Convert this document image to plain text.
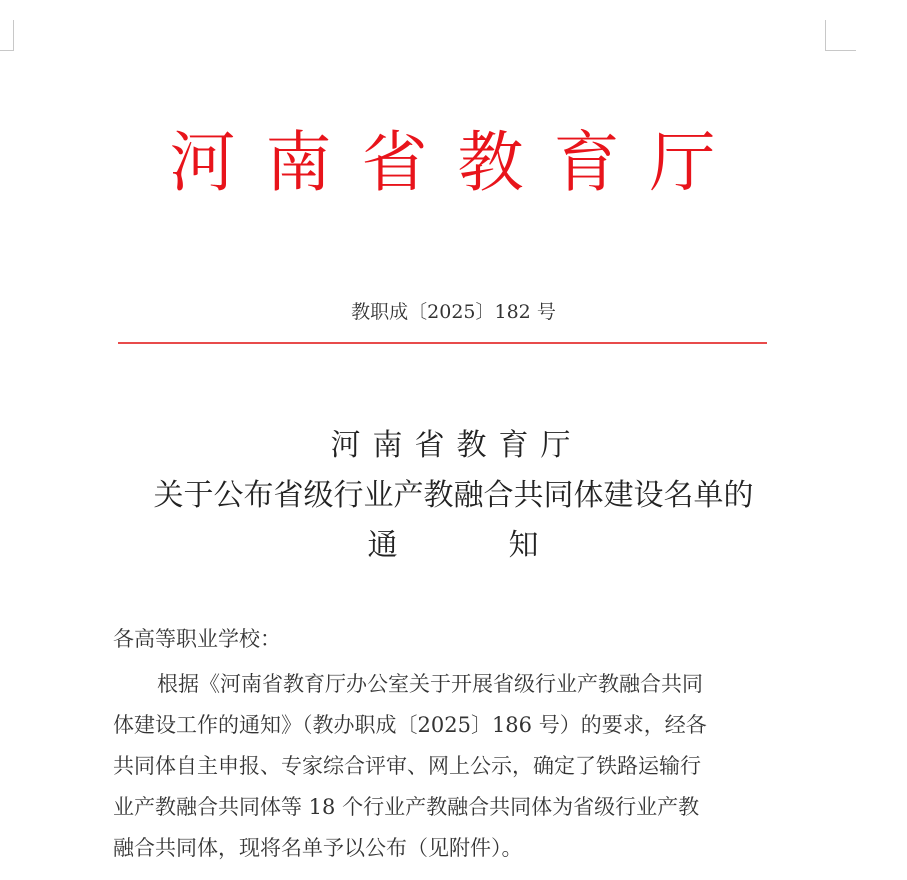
河南省教育厅
教职成〔2025〕182 号
河南省教育厅
关于公布省级行业产教融合共同体建设名单的
通	知
各高等职业学校：
根据《河南省教育厅办公室关于开展省级行业产教融合共同
体建设工作的通知》（教办职成〔2025〕186 号）的要求，经各
共同体自主申报、专家综合评审、网上公示，确定了铁路运输行
业产教融合共同体等 18 个行业产教融合共同体为省级行业产教
融合共同体，现将名单予以公布（见附件）。
